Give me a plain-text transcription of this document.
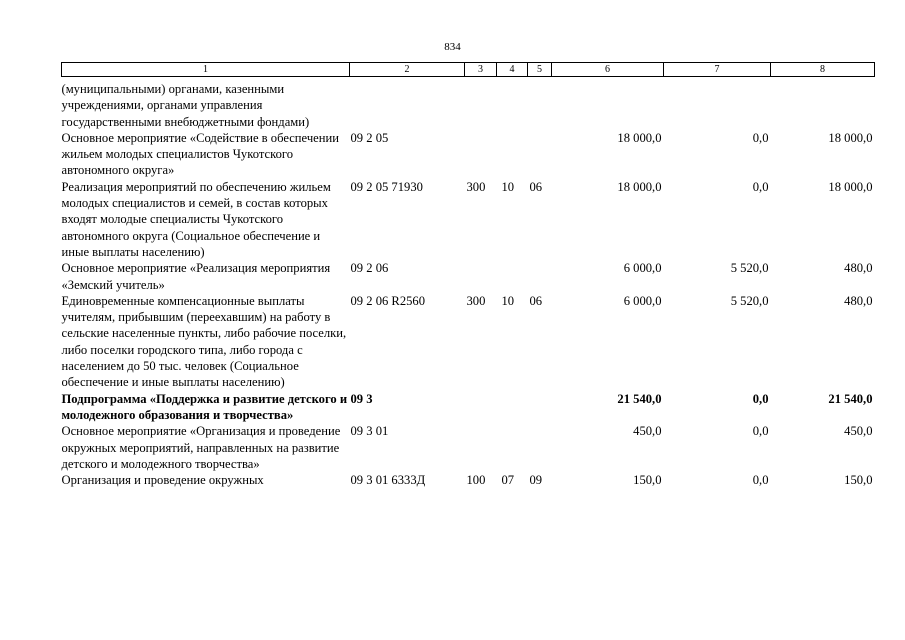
834
1	2	3	4	5	6	7	8
(муниципальными) органами, казенными учреждениями, органами управления государственными внебюджетными фондами)							
Основное мероприятие «Содействие в обеспечении жильем молодых специалистов Чукотского автономного округа»	09 2 05				18 000,0	0,0	18 000,0
Реализация мероприятий по обеспечению жильем молодых специалистов и семей, в состав которых входят молодые специалисты Чукотского автономного округа (Социальное обеспечение и иные выплаты населению)	09 2 05 71930	300	10	06	18 000,0	0,0	18 000,0
Основное мероприятие «Реализация мероприятия «Земский учитель»	09 2 06				6 000,0	5 520,0	480,0
Единовременные компенсационные выплаты учителям, прибывшим (переехавшим) на работу в сельские населенные пункты, либо рабочие поселки, либо поселки городского типа, либо города с населением до 50 тыс. человек (Социальное обеспечение и иные выплаты населению)	09 2 06 R2560	300	10	06	6 000,0	5 520,0	480,0
Подпрограмма «Поддержка и развитие детского и молодежного образования и творчества»	09 3				21 540,0	0,0	21 540,0
Основное мероприятие «Организация и проведение окружных мероприятий, направленных на развитие детского и молодежного творчества»	09 3 01				450,0	0,0	450,0
Организация и проведение окружных	09 3 01 6333Д	100	07	09	150,0	0,0	150,0
